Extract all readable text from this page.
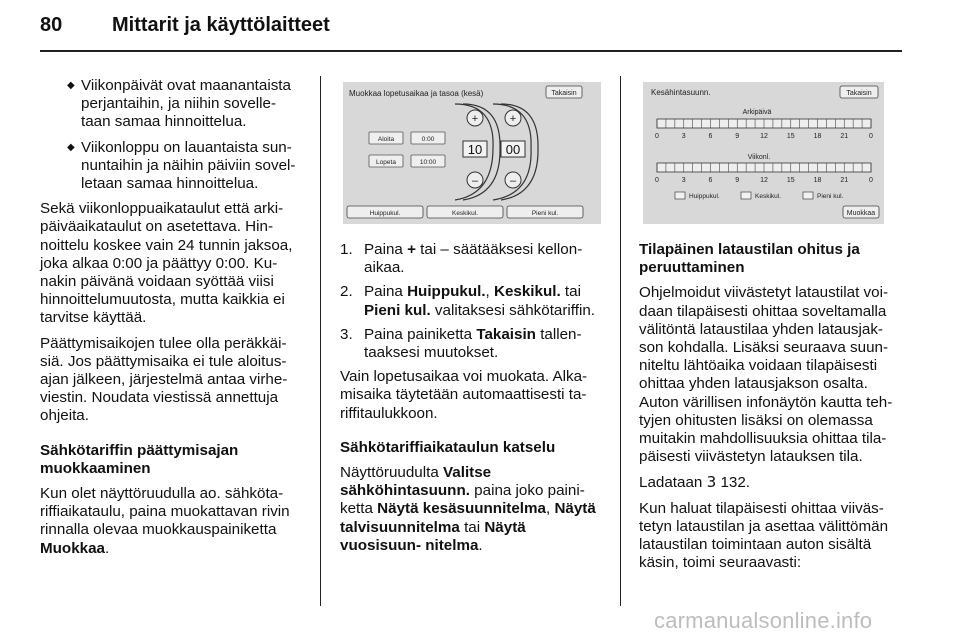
80 Mittarit ja käyttölaitteet
◆ Viikonpäivät ovat maanantaista perjantaihin, ja niihin sovelle- taan samaa hinnoittelua.
◆ Viikonloppu on lauantaista sun- nuntaihin ja näihin päiviin sovel- letaan samaa hinnoittelua.

Sekä viikonloppuaikataulut että arki- päiväaikataulut on asetettava. Hin- noittelu koskee vain 24 tunnin jaksoa, joka alkaa 0:00 ja päättyy 0:00. Ku- nakin päivänä voidaan syöttää viisi hinnoittelumuutosta, mutta kaikkia ei tarvitse käyttää.

Päättymisaikojen tulee olla peräkkäi- siä. Jos päättymisaika ei tule aloitus- ajan jälkeen, järjestelmä antaa virhe- viestin. Noudata viestissä annettuja ohjeita.

Sähkötariffin päättymisajan muokkaaminen

Kun olet näyttöruudulla ao. sähköta- riffiaikataulu, paina muokattavan rivin rinnalla olevaa muokkauspainiketta Muokkaa.

Muokkaa lopetusaikaa ja tasoa (kesä)	Takaisin
Aloita	0:00
Lopeta	10:00
+
10
–
+
00
–
Huippukul.	Keskikul.	Pieni kul.
1. Paina + tai – säätääksesi kellon- aikaa.
2. Paina Huippukul., Keskikul. tai Pieni kul. valitaksesi sähkötariffin.
3. Paina painiketta Takaisin tallen- taaksesi muutokset.

Vain lopetusaikaa voi muokata. Alka- misaika täytetään automaattisesti ta- riffitaulukkoon.

Sähkötariffiaikataulun katselu

Näyttöruudulta Valitse sähköhintasuunn. paina joko paini- ketta Näytä kesäsuunnitelma, Näytä talvisuunnitelma tai Näytä vuosisuun- nitelma.

Kesähintasuunn.	Takaisin
Arkipäivä
0	3	6	9	12	15	18	21	0
Viikonl.
0	3	6	9	12	15	18	21	0
Huippukul.	Keskikul.	Pieni kul.
Muokkaa

Tilapäinen lataustilan ohitus ja peruuttaminen

Ohjelmoidut viivästetyt lataustilat voi- daan tilapäisesti ohittaa soveltamalla välitöntä lataustilaa yhden latausjak- son kohdalla. Lisäksi seuraava suun- niteltu lähtöaika voidaan tilapäisesti ohittaa yhden latausjakson osalta. Auton värillisen infonäytön kautta teh- tyjen ohitusten lisäksi on olemassa muitakin mahdollisuuksia ohittaa tila- päisesti viivästetyn latauksen tila.

Ladataan 3 132.

Kun haluat tilapäisesti ohittaa viiväs- tetyn lataustilan ja asettaa välittömän lataustilan toimintaan auton sisältä käsin, toimi seuraavasti:

carmanualsonline.info
